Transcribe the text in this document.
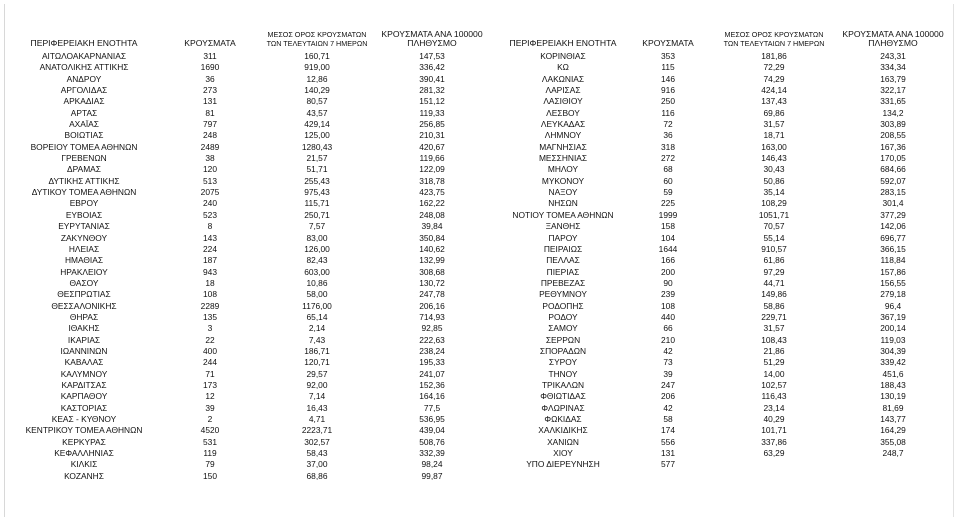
ΠΕΡΙΦΕΡΕΙΑΚΗ ΕΝΟΤΗΤΑ	ΚΡΟΥΣΜΑΤΑ
ΜΕΣΟΣ ΟΡΟΣ ΚΡΟΥΣΜΑΤΩΝ
ΤΩΝ ΤΕΛΕΥΤΑΙΩΝ 7 ΗΜΕΡΩΝ
ΚΡΟΥΣΜΑΤΑ ΑΝΑ 100000
ΠΛΗΘΥΣΜΟ
ΑΙΤΩΛΟΑΚΑΡΝΑΝΙΑΣ	311	160,71	147,53
ΑΝΑΤΟΛΙΚΗΣ ΑΤΤΙΚΗΣ	1690	919,00	336,42
ΑΝΔΡΟΥ	36	12,86	390,41
ΑΡΓΟΛΙΔΑΣ	273	140,29	281,32
ΑΡΚΑΔΙΑΣ	131	80,57	151,12
ΑΡΤΑΣ	81	43,57	119,33
ΑΧΑΪΑΣ	797	429,14	256,85
ΒΟΙΩΤΙΑΣ	248	125,00	210,31
ΒΟΡΕΙΟΥ ΤΟΜΕΑ ΑΘΗΝΩΝ	2489	1280,43	420,67
ΓΡΕΒΕΝΩΝ	38	21,57	119,66
ΔΡΑΜΑΣ	120	51,71	122,09
ΔΥΤΙΚΗΣ ΑΤΤΙΚΗΣ	513	255,43	318,78
ΔΥΤΙΚΟΥ ΤΟΜΕΑ ΑΘΗΝΩΝ	2075	975,43	423,75
ΕΒΡΟΥ	240	115,71	162,22
ΕΥΒΟΙΑΣ	523	250,71	248,08
ΕΥΡΥΤΑΝΙΑΣ	8	7,57	39,84
ΖΑΚΥΝΘΟΥ	143	83,00	350,84
ΗΛΕΙΑΣ	224	126,00	140,62
ΗΜΑΘΙΑΣ	187	82,43	132,99
ΗΡΑΚΛΕΙΟΥ	943	603,00	308,68
ΘΑΣΟΥ	18	10,86	130,72
ΘΕΣΠΡΩΤΙΑΣ	108	58,00	247,78
ΘΕΣΣΑΛΟΝΙΚΗΣ	2289	1176,00	206,16
ΘΗΡΑΣ	135	65,14	714,93
ΙΘΑΚΗΣ	3	2,14	92,85
ΙΚΑΡΙΑΣ	22	7,43	222,63
ΙΩΑΝΝΙΝΩΝ	400	186,71	238,24
ΚΑΒΑΛΑΣ	244	120,71	195,33
ΚΑΛΥΜΝΟΥ	71	29,57	241,07
ΚΑΡΔΙΤΣΑΣ	173	92,00	152,36
ΚΑΡΠΑΘΟΥ	12	7,14	164,16
ΚΑΣΤΟΡΙΑΣ	39	16,43	77,5
ΚΕΑΣ - ΚΥΘΝΟΥ	2	4,71	536,95
ΚΕΝΤΡΙΚΟΥ ΤΟΜΕΑ ΑΘΗΝΩΝ	4520	2223,71	439,04
ΚΕΡΚΥΡΑΣ	531	302,57	508,76
ΚΕΦΑΛΛΗΝΙΑΣ	119	58,43	332,39
ΚΙΛΚΙΣ	79	37,00	98,24
ΚΟΖΑΝΗΣ	150	68,86	99,87
ΠΕΡΙΦΕΡΕΙΑΚΗ ΕΝΟΤΗΤΑ	ΚΡΟΥΣΜΑΤΑ
ΜΕΣΟΣ ΟΡΟΣ ΚΡΟΥΣΜΑΤΩΝ
ΤΩΝ ΤΕΛΕΥΤΑΙΩΝ 7 ΗΜΕΡΩΝ
ΚΡΟΥΣΜΑΤΑ ΑΝΑ 100000
ΠΛΗΘΥΣΜΟ
ΚΟΡΙΝΘΙΑΣ	353	181,86	243,31
ΚΩ	115	72,29	334,34
ΛΑΚΩΝΙΑΣ	146	74,29	163,79
ΛΑΡΙΣΑΣ	916	424,14	322,17
ΛΑΣΙΘΙΟΥ	250	137,43	331,65
ΛΕΣΒΟΥ	116	69,86	134,2
ΛΕΥΚΑΔΑΣ	72	31,57	303,89
ΛΗΜΝΟΥ	36	18,71	208,55
ΜΑΓΝΗΣΙΑΣ	318	163,00	167,36
ΜΕΣΣΗΝΙΑΣ	272	146,43	170,05
ΜΗΛΟΥ	68	30,43	684,66
ΜΥΚΟΝΟΥ	60	50,86	592,07
ΝΑΞΟΥ	59	35,14	283,15
ΝΗΣΩΝ	225	108,29	301,4
ΝΟΤΙΟΥ ΤΟΜΕΑ ΑΘΗΝΩΝ	1999	1051,71	377,29
ΞΑΝΘΗΣ	158	70,57	142,06
ΠΑΡΟΥ	104	55,14	696,77
ΠΕΙΡΑΙΩΣ	1644	910,57	366,15
ΠΕΛΛΑΣ	166	61,86	118,84
ΠΙΕΡΙΑΣ	200	97,29	157,86
ΠΡΕΒΕΖΑΣ	90	44,71	156,55
ΡΕΘΥΜΝΟΥ	239	149,86	279,18
ΡΟΔΟΠΗΣ	108	58,86	96,4
ΡΟΔΟΥ	440	229,71	367,19
ΣΑΜΟΥ	66	31,57	200,14
ΣΕΡΡΩΝ	210	108,43	119,03
ΣΠΟΡΑΔΩΝ	42	21,86	304,39
ΣΥΡΟΥ	73	51,29	339,42
ΤΗΝΟΥ	39	14,00	451,6
ΤΡΙΚΑΛΩΝ	247	102,57	188,43
ΦΘΙΩΤΙΔΑΣ	206	116,43	130,19
ΦΛΩΡΙΝΑΣ	42	23,14	81,69
ΦΩΚΙΔΑΣ	58	40,29	143,77
ΧΑΛΚΙΔΙΚΗΣ	174	101,71	164,29
ΧΑΝΙΩΝ	556	337,86	355,08
ΧΙΟΥ	131	63,29	248,7
ΥΠΟ ΔΙΕΡΕΥΝΗΣΗ	577
